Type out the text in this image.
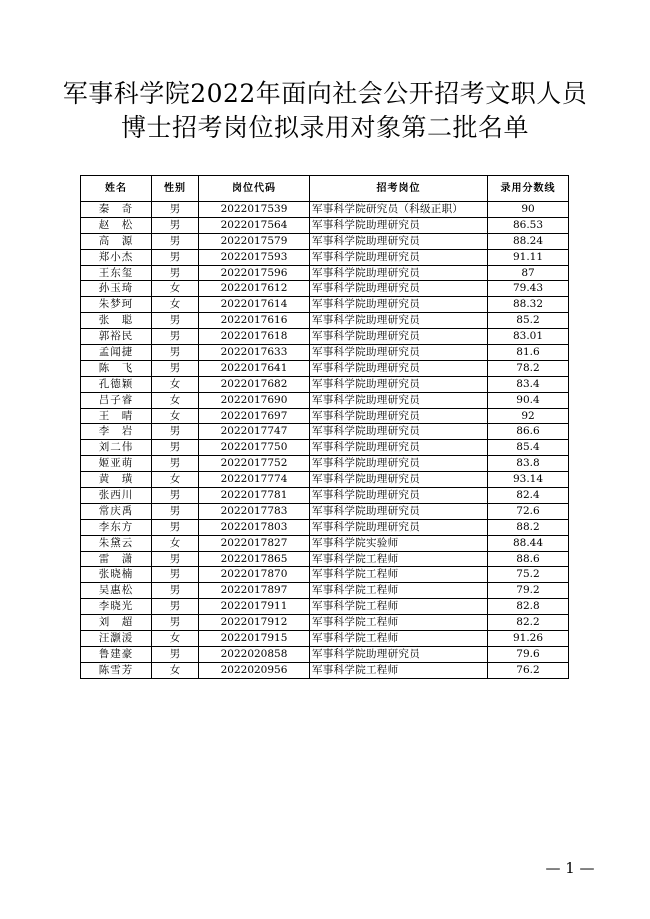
军事科学院2022年面向社会公开招考文职人员
博士招考岗位拟录用对象第二批名单
姓名	性别	岗位代码	招考岗位	录用分数线
秦　奇	男	2022017539	军事科学院研究员（科级正职）	90
赵　松	男	2022017564	军事科学院助理研究员	86.53
高　源	男	2022017579	军事科学院助理研究员	88.24
郑小杰	男	2022017593	军事科学院助理研究员	91.11
王东玺	男	2022017596	军事科学院助理研究员	87
孙玉琦	女	2022017612	军事科学院助理研究员	79.43
朱梦珂	女	2022017614	军事科学院助理研究员	88.32
张　聪	男	2022017616	军事科学院助理研究员	85.2
郭裕民	男	2022017618	军事科学院助理研究员	83.01
孟闻捷	男	2022017633	军事科学院助理研究员	81.6
陈　飞	男	2022017641	军事科学院助理研究员	78.2
孔德颖	女	2022017682	军事科学院助理研究员	83.4
吕子睿	女	2022017690	军事科学院助理研究员	90.4
王　晴	女	2022017697	军事科学院助理研究员	92
李　岩	男	2022017747	军事科学院助理研究员	86.6
刘二伟	男	2022017750	军事科学院助理研究员	85.4
姬亚萌	男	2022017752	军事科学院助理研究员	83.8
黄　璜	女	2022017774	军事科学院助理研究员	93.14
张西川	男	2022017781	军事科学院助理研究员	82.4
常庆禹	男	2022017783	军事科学院助理研究员	72.6
李东方	男	2022017803	军事科学院助理研究员	88.2
朱黛云	女	2022017827	军事科学院实验师	88.44
雷　潇	男	2022017865	军事科学院工程师	88.6
张晓楠	男	2022017870	军事科学院工程师	75.2
吴惠松	男	2022017897	军事科学院工程师	79.2
李晓光	男	2022017911	军事科学院工程师	82.8
刘　超	男	2022017912	军事科学院工程师	82.2
汪灏湲	女	2022017915	军事科学院工程师	91.26
鲁建豪	男	2022020858	军事科学院助理研究员	79.6
陈雪芳	女	2022020956	军事科学院工程师	76.2
— 1 —
